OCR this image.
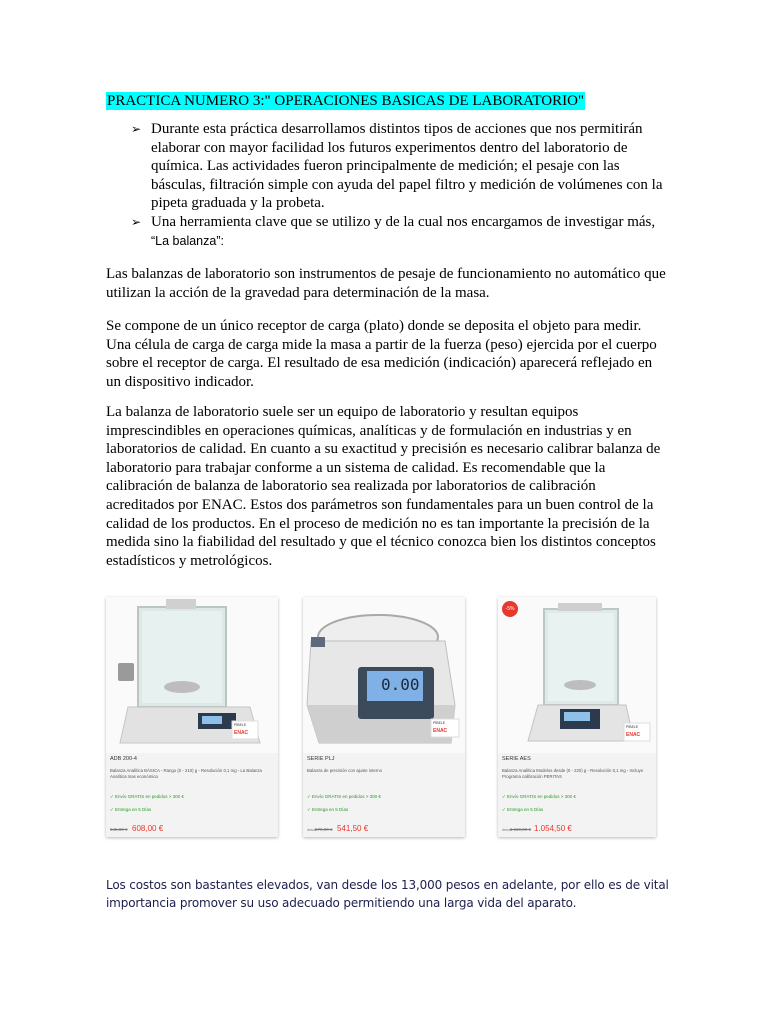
PRACTICA NUMERO 3:" OPERACIONES BASICAS DE LABORATORIO"
➢ Durante esta práctica desarrollamos distintos tipos de acciones que nos permitirán elaborar con mayor facilidad los futuros experimentos dentro del laboratorio de química. Las actividades fueron principalmente de medición; el pesaje con las básculas, filtración simple con ayuda del papel filtro y medición de volúmenes con la pipeta graduada y la probeta.
➢ Una herramienta clave que se utilizo y de la cual nos encargamos de investigar más,
“La balanza”:

Las balanzas de laboratorio son instrumentos de pesaje de funcionamiento no automático que utilizan la acción de la gravedad para determinación de la masa.

Se compone de un único receptor de carga (plato) donde se deposita el objeto para medir. Una célula de carga de carga mide la masa a partir de la fuerza (peso) ejercida por el cuerpo sobre el receptor de carga. El resultado de esa medición (indicación) aparecerá reflejado en un dispositivo indicador.

La balanza de laboratorio suele ser un equipo de laboratorio y resultan equipos imprescindibles en operaciones químicas, analíticas y de formulación en industrias y en laboratorios de calidad. En cuanto a su exactitud y precisión es necesario calibrar balanza de laboratorio para trabajar conforme a un sistema de calidad. Es recomendable que la calibración de balanza de laboratorio sea realizada por laboratorios de calibración acreditados por ENAC. Estos dos parámetros son fundamentales para un buen control de la calidad de los productos. En el proceso de medición no es tan importante la precisión de la medida sino la fiabilidad del resultado y que el técnico conozca bien los distintos conceptos estadísticos y metrológicos.

PÍBELE
ENAC
ADB 200-4
Balanza Analítica BÁSICA - Rango (0 - 210) g - Resolución 0,1 mg - La Balanza Analítica mas económica
✓ Envío GRATIS en pedidos > 300 €
✓ Entrega en 5 Días
645,00 € 608,00 €
0.00
PÍBELE
ENAC
SERIE PLJ
Balanza de precisión con ajuste interno
✓ Envío GRATIS en pedidos > 300 €
✓ Entrega en 5 Días
desde
870,00 € 541,50 €
-5%
PÍBELE
ENAC
SERIE AES
Balanza Analítica Modelos desde (0 - 220) g - Resolución 0,1 mg - Incluye Programa calibración PERITAS
✓ Envío GRATIS en pedidos > 300 €
✓ Entrega en 5 Días
desde
1.110,00 € 1.054,50 €

Los costos son bastantes elevados, van desde los 13,000 pesos en adelante, por ello es de vital importancia promover su uso adecuado permitiendo una larga vida del aparato.
